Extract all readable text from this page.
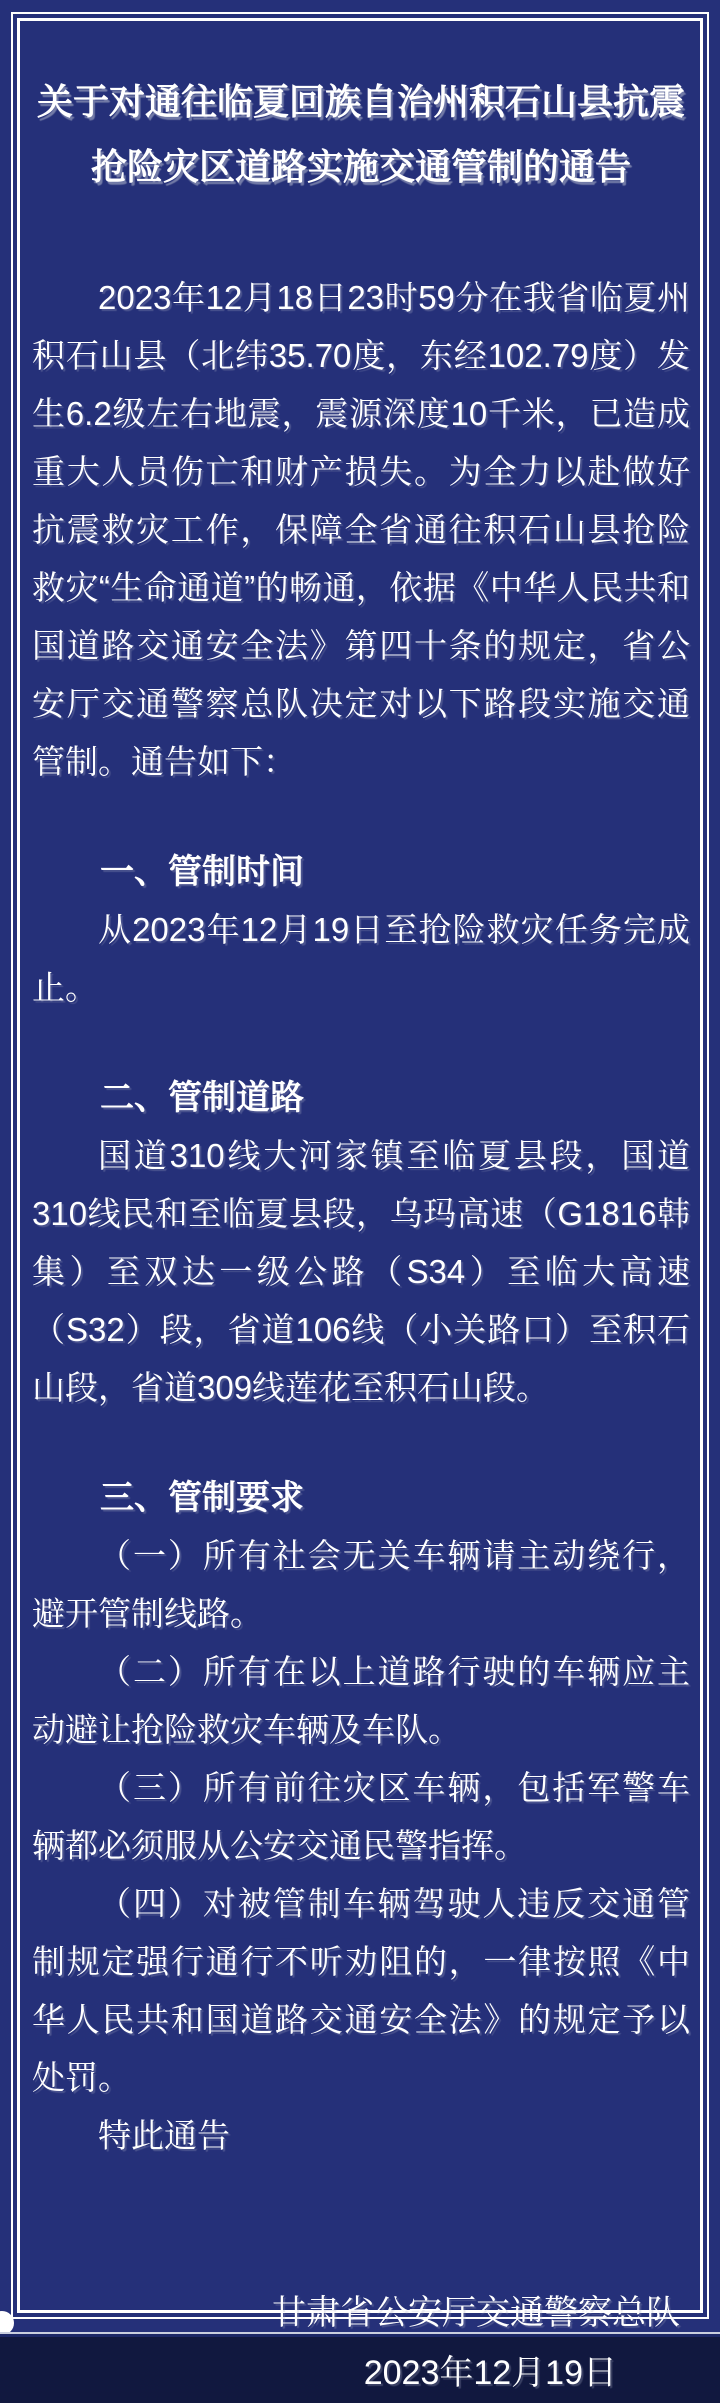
关于对通往临夏回族自治州积石山县抗震
抢险灾区道路实施交通管制的通告

2023年12月18日23时59分在我省临夏州积石山县（北纬35.70度，东经102.79度）发生6.2级左右地震，震源深度10千米，已造成重大人员伤亡和财产损失。为全力以赴做好抗震救灾工作，保障全省通往积石山县抢险救灾“生命通道”的畅通，依据《中华人民共和国道路交通安全法》第四十条的规定，省公安厅交通警察总队决定对以下路段实施交通管制。通告如下：

一、管制时间

从2023年12月19日至抢险救灾任务完成止。

二、管制道路

国道310线大河家镇至临夏县段，国道310线民和至临夏县段，乌玛高速（G1816韩集）至双达一级公路（S34）至临大高速（S32）段，省道106线（小关路口）至积石山段，省道309线莲花至积石山段。

三、管制要求

（一）所有社会无关车辆请主动绕行，避开管制线路。

（二）所有在以上道路行驶的车辆应主动避让抢险救灾车辆及车队。

（三）所有前往灾区车辆，包括军警车辆都必须服从公安交通民警指挥。

（四）对被管制车辆驾驶人违反交通管制规定强行通行不听劝阻的，一律按照《中华人民共和国道路交通安全法》的规定予以处罚。

特此通告

甘肃省公安厅交通警察总队
2023年12月19日
